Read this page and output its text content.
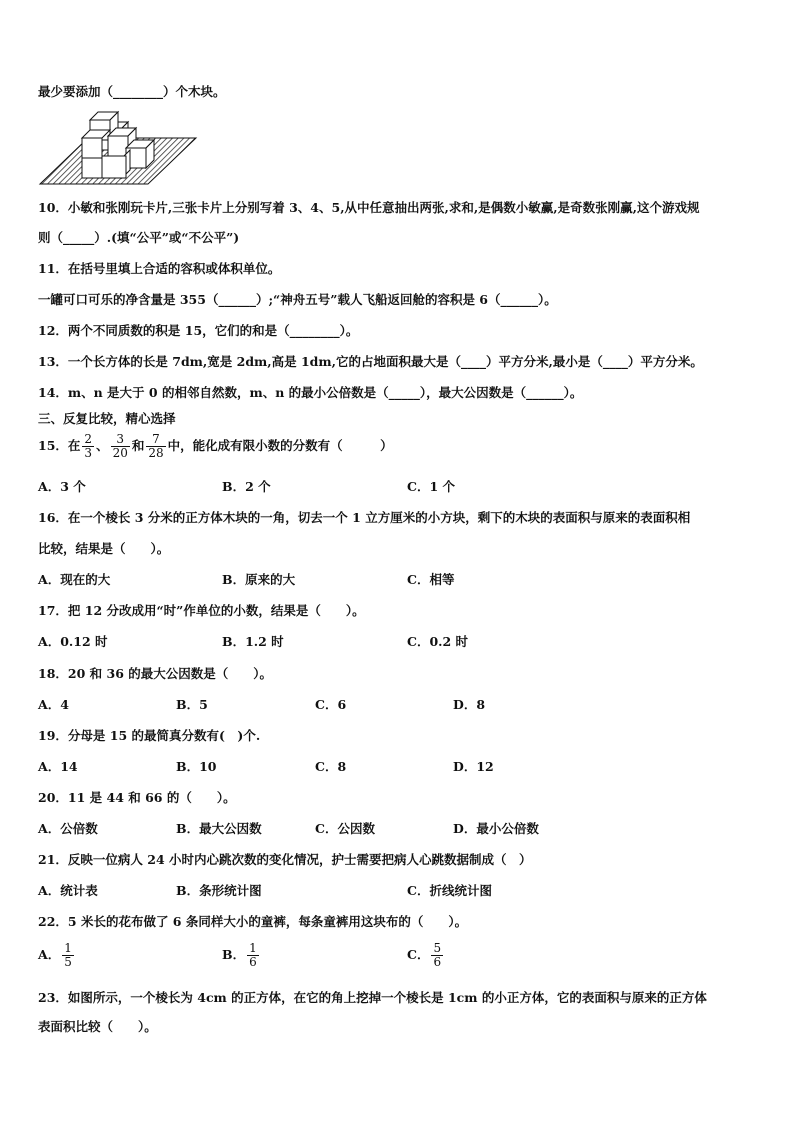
最少要添加（________）个木块。
10．小敏和张刚玩卡片,三张卡片上分别写着 3、4、5,从中任意抽出两张,求和,是偶数小敏赢,是奇数张刚赢,这个游戏规
则（_____）.(填“公平”或“不公平”)
11．在括号里填上合适的容积或体积单位。
一罐可口可乐的净含量是 355（______）;“神舟五号”载人飞船返回舱的容积是 6（______）。
12．两个不同质数的积是 15，它们的和是（________）。
13．一个长方体的长是 7dm,宽是 2dm,高是 1dm,它的占地面积最大是（____）平方分米,最小是（____）平方分米。
14．m、n 是大于 0 的相邻自然数，m、n 的最小公倍数是（_____），最大公因数是（______）。
三、反复比较，精心选择
15．在 $\frac{2}{3}$ 、 $\frac{3}{20}$ 和 $\frac{7}{28}$ 中，能化成有限小数的分数有（　　　）
A．3 个	B．2 个	C．1 个
16．在一个棱长 3 分米的正方体木块的一角，切去一个 1 立方厘米的小方块，剩下的木块的表面积与原来的表面积相
比较，结果是（　　）。
A．现在的大	B．原来的大	C．相等
17．把 12 分改成用“时”作单位的小数，结果是（　　）。
A．0.12 时	B．1.2 时	C．0.2 时
18．20 和 36 的最大公因数是（　　）。
A．4	B．5	C．6	D．8
19．分母是 15 的最简真分数有(　)个.
A．14	B．10	C．8	D．12
20．11 是 44 和 66 的（　　）。
A．公倍数	B．最大公因数	C．公因数	D．最小公倍数
21．反映一位病人 24 小时内心跳次数的变化情况，护士需要把病人心跳数据制成（　）
A．统计表	B．条形统计图	C．折线统计图
22．5 米长的花布做了 6 条同样大小的童裤，每条童裤用这块布的（　　）。
A． $\frac{1}{5}$	B． $\frac{1}{6}$	C． $\frac{5}{6}$
23．如图所示，一个棱长为 4cm 的正方体，在它的角上挖掉一个棱长是 1cm 的小正方体，它的表面积与原来的正方体
表面积比较（　　）。
